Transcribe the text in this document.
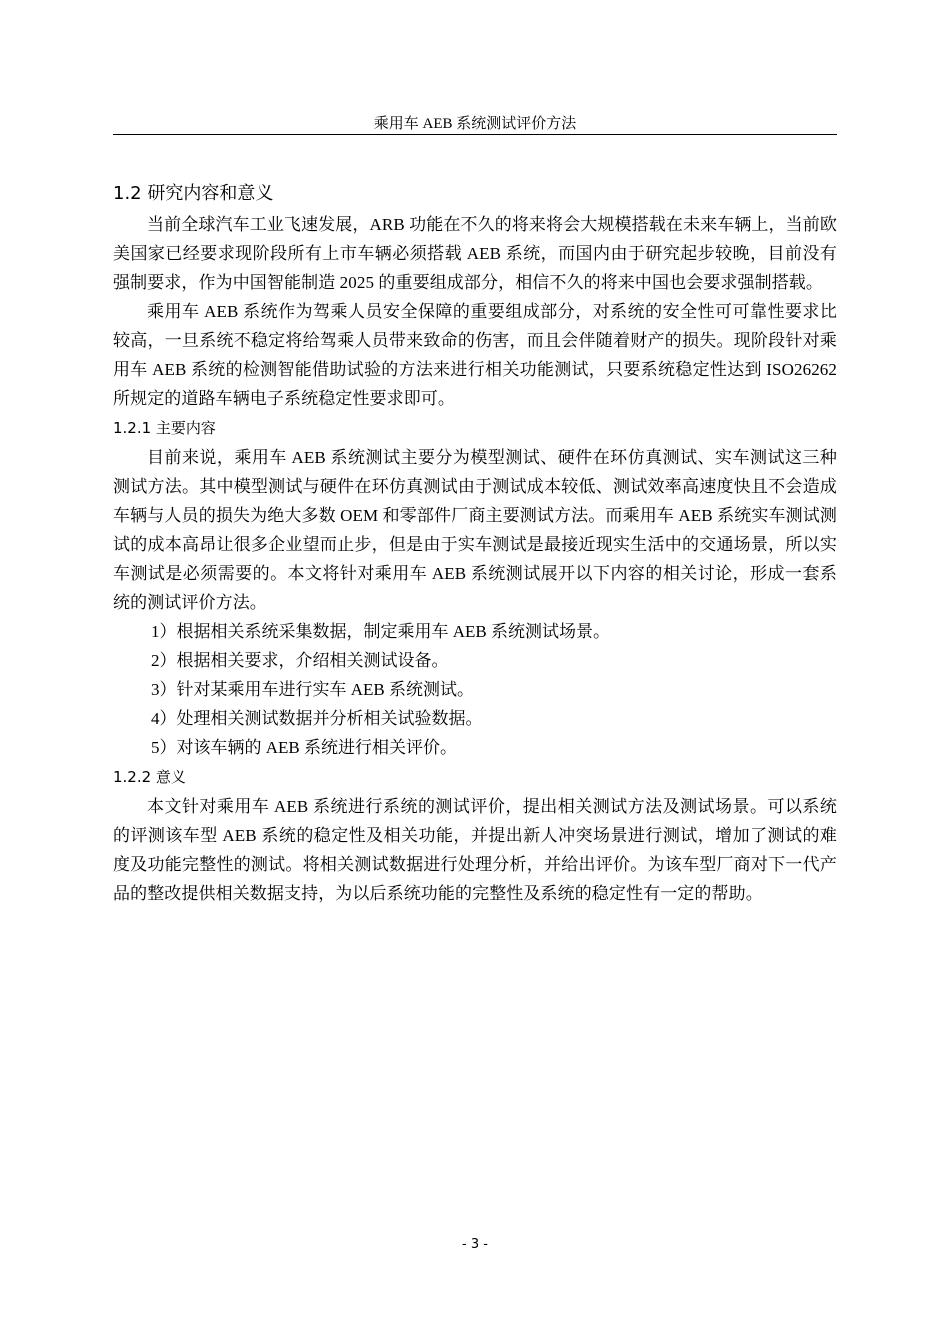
乘用车 AEB 系统测试评价方法
1.2 研究内容和意义

当前全球汽车工业飞速发展，ARB 功能在不久的将来将会大规模搭载在未来车辆上，当前欧美国家已经要求现阶段所有上市车辆必须搭载 AEB 系统，而国内由于研究起步较晚，目前没有强制要求，作为中国智能制造 2025 的重要组成部分，相信不久的将来中国也会要求强制搭载。

乘用车 AEB 系统作为驾乘人员安全保障的重要组成部分，对系统的安全性可可靠性要求比较高，一旦系统不稳定将给驾乘人员带来致命的伤害，而且会伴随着财产的损失。现阶段针对乘用车 AEB 系统的检测智能借助试验的方法来进行相关功能测试，只要系统稳定性达到 ISO26262 所规定的道路车辆电子系统稳定性要求即可。

1.2.1 主要内容

目前来说，乘用车 AEB 系统测试主要分为模型测试、硬件在环仿真测试、实车测试这三种测试方法。其中模型测试与硬件在环仿真测试由于测试成本较低、测试效率高速度快且不会造成车辆与人员的损失为绝大多数 OEM 和零部件厂商主要测试方法。而乘用车 AEB 系统实车测试测试的成本高昂让很多企业望而止步，但是由于实车测试是最接近现实生活中的交通场景，所以实车测试是必须需要的。本文将针对乘用车 AEB 系统测试展开以下内容的相关讨论，形成一套系统的测试评价方法。

1）根据相关系统采集数据，制定乘用车 AEB 系统测试场景。

2）根据相关要求，介绍相关测试设备。

3）针对某乘用车进行实车 AEB 系统测试。

4）处理相关测试数据并分析相关试验数据。

5）对该车辆的 AEB 系统进行相关评价。

1.2.2 意义

本文针对乘用车 AEB 系统进行系统的测试评价，提出相关测试方法及测试场景。可以系统的评测该车型 AEB 系统的稳定性及相关功能，并提出新人冲突场景进行测试，增加了测试的难度及功能完整性的测试。将相关测试数据进行处理分析，并给出评价。为该车型厂商对下一代产品的整改提供相关数据支持，为以后系统功能的完整性及系统的稳定性有一定的帮助。

- 3 -
